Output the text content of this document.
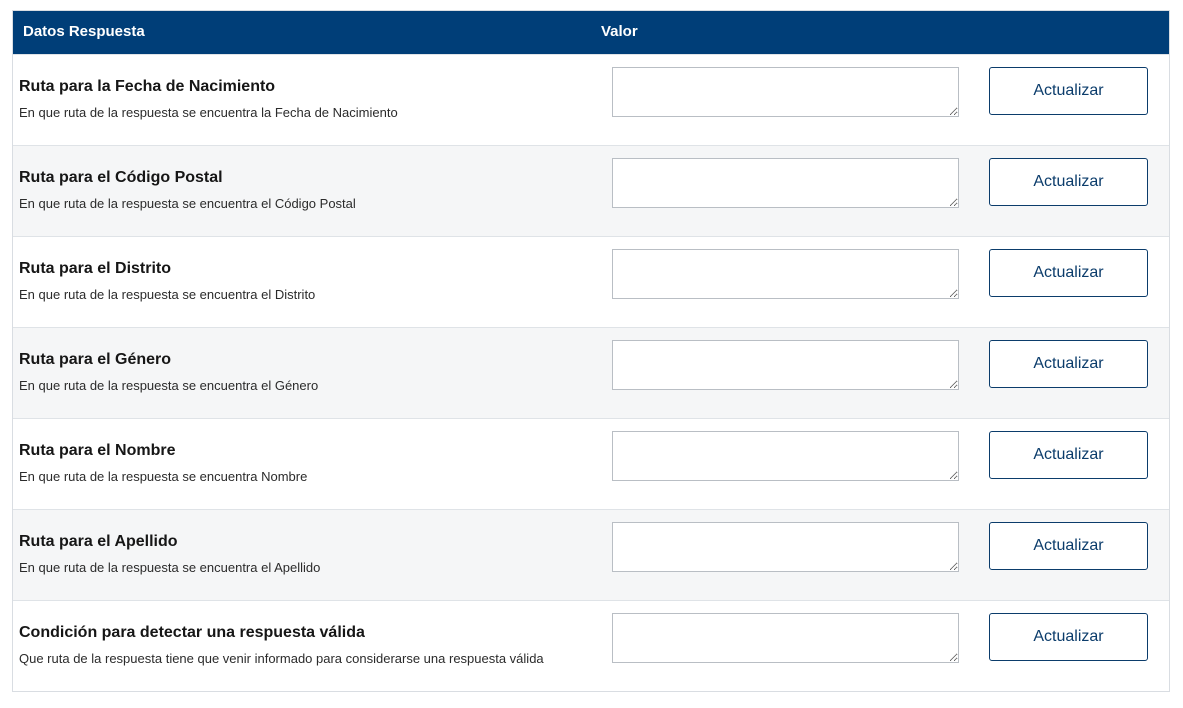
Datos Respuesta	Valor
Ruta para la Fecha de Nacimiento
En que ruta de la respuesta se encuentra la Fecha de Nacimiento
Actualizar
Ruta para el Código Postal
En que ruta de la respuesta se encuentra el Código Postal
Actualizar
Ruta para el Distrito
En que ruta de la respuesta se encuentra el Distrito
Actualizar
Ruta para el Género
En que ruta de la respuesta se encuentra el Género
Actualizar
Ruta para el Nombre
En que ruta de la respuesta se encuentra Nombre
Actualizar
Ruta para el Apellido
En que ruta de la respuesta se encuentra el Apellido
Actualizar
Condición para detectar una respuesta válida
Que ruta de la respuesta tiene que venir informado para considerarse una respuesta válida
Actualizar
